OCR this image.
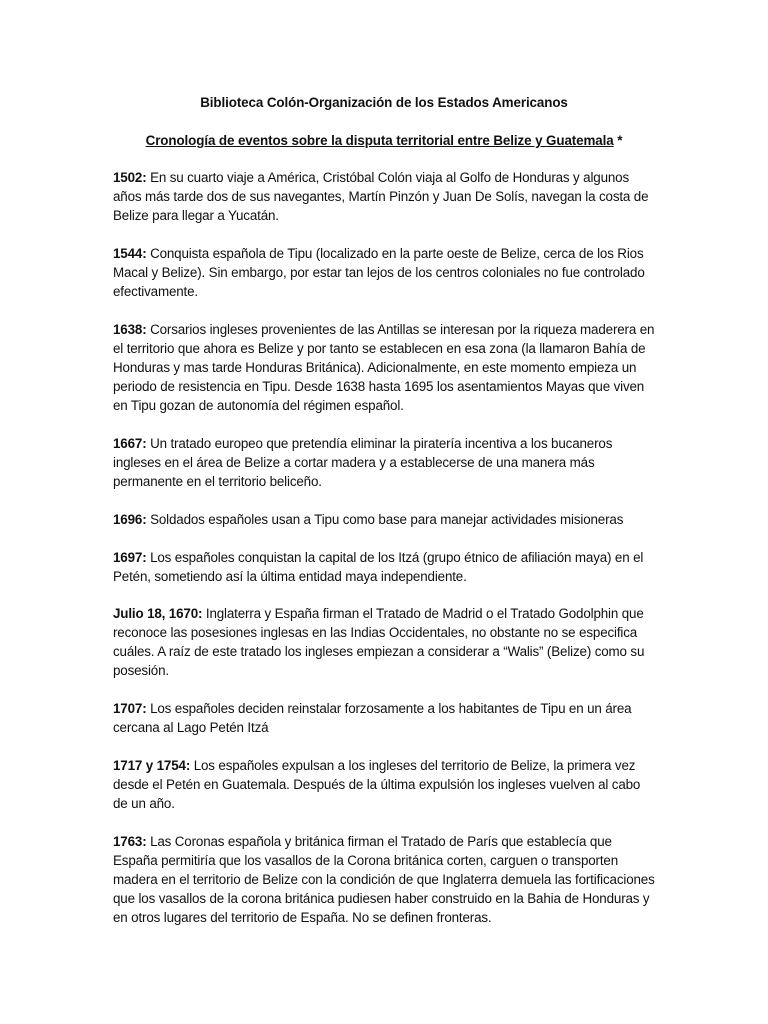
Biblioteca Colón-Organización de los Estados Americanos

Cronología de eventos sobre la disputa territorial entre Belize y Guatemala *

1502: En su cuarto viaje a América, Cristóbal Colón viaja al Golfo de Honduras y algunos años más tarde dos de sus navegantes, Martín Pinzón y Juan De Solís, navegan la costa de Belize para llegar a Yucatán.

1544: Conquista española de Tipu (localizado en la parte oeste de Belize, cerca de los Rios Macal y Belize). Sin embargo, por estar tan lejos de los centros coloniales no fue controlado efectivamente.

1638: Corsarios ingleses provenientes de las Antillas se interesan por la riqueza maderera en el territorio que ahora es Belize y por tanto se establecen en esa zona (la llamaron Bahía de Honduras y mas tarde Honduras Británica). Adicionalmente, en este momento empieza un periodo de resistencia en Tipu. Desde 1638 hasta 1695 los asentamientos Mayas que viven en Tipu gozan de autonomía del régimen español.

1667: Un tratado europeo que pretendía eliminar la piratería incentiva a los bucaneros ingleses en el área de Belize a cortar madera y a establecerse de una manera más permanente en el territorio beliceño.

1696: Soldados españoles usan a Tipu como base para manejar actividades misioneras

1697: Los españoles conquistan la capital de los Itzá (grupo étnico de afiliación maya) en el Petén, sometiendo así la última entidad maya independiente.

Julio 18, 1670: Inglaterra y España firman el Tratado de Madrid o el Tratado Godolphin que reconoce las posesiones inglesas en las Indias Occidentales, no obstante no se especifica cuáles. A raíz de este tratado los ingleses empiezan a considerar a “Walis” (Belize) como su posesión.

1707: Los españoles deciden reinstalar forzosamente a los habitantes de Tipu en un área cercana al Lago Petén Itzá

1717 y 1754: Los españoles expulsan a los ingleses del territorio de Belize, la primera vez desde el Petén en Guatemala. Después de la última expulsión los ingleses vuelven al cabo de un año.

1763: Las Coronas española y británica firman el Tratado de París que establecía que España permitiría que los vasallos de la Corona británica corten, carguen o transporten madera en el territorio de Belize con la condición de que Inglaterra demuela las fortificaciones que los vasallos de la corona británica pudiesen haber construido en la Bahia de Honduras y en otros lugares del territorio de España. No se definen fronteras.
